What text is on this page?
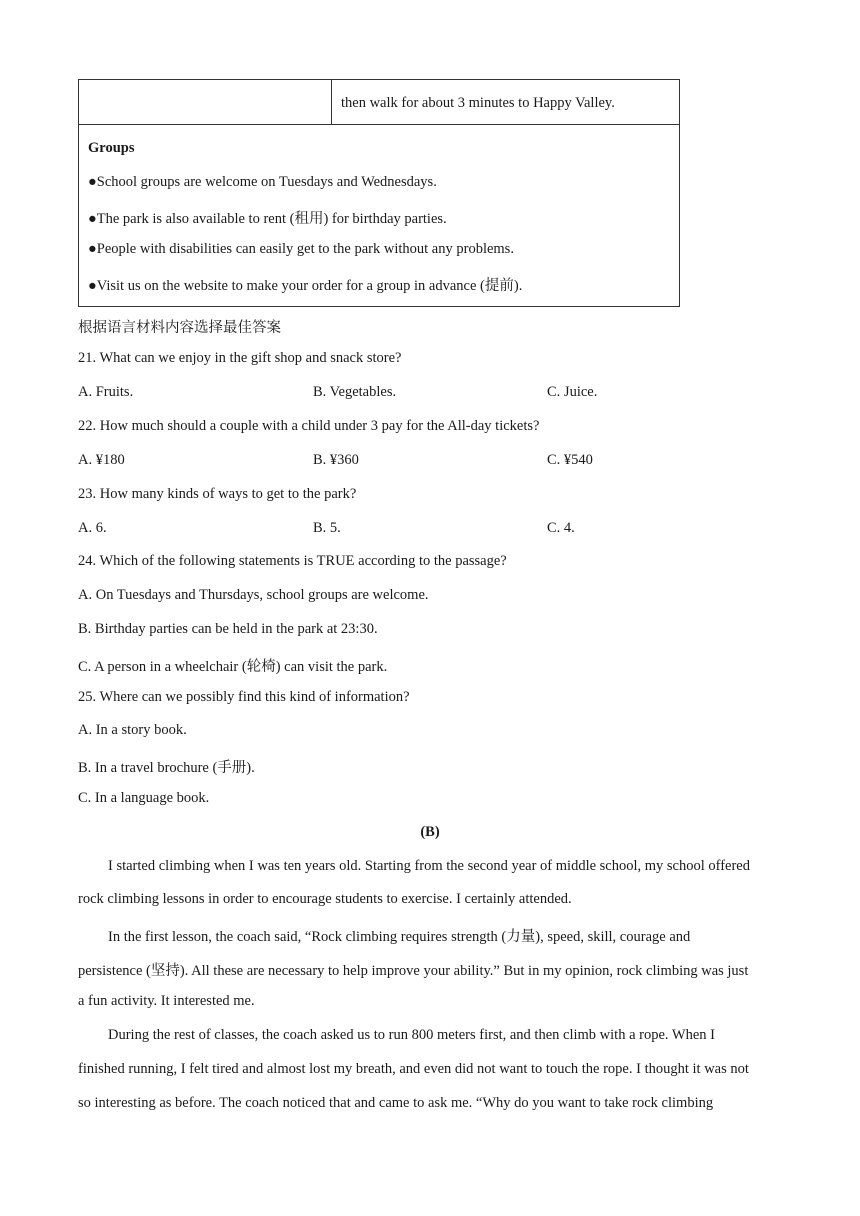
then walk for about 3 minutes to Happy Valley.
Groups
●School groups are welcome on Tuesdays and Wednesdays.
●The park is also available to rent (租用) for birthday parties.
●People with disabilities can easily get to the park without any problems.
●Visit us on the website to make your order for a group in advance (提前).
根据语言材料内容选择最佳答案
21. What can we enjoy in the gift shop and snack store?
A. Fruits.	B. Vegetables.	C. Juice.
22. How much should a couple with a child under 3 pay for the All-day tickets?
A. ¥180	B. ¥360	C. ¥540
23. How many kinds of ways to get to the park?
A. 6.	B. 5.	C. 4.
24. Which of the following statements is TRUE according to the passage?
A. On Tuesdays and Thursdays, school groups are welcome.
B. Birthday parties can be held in the park at 23:30.
C. A person in a wheelchair (轮椅) can visit the park.
25. Where can we possibly find this kind of information?
A. In a story book.
B. In a travel brochure (手册).
C. In a language book.
(B)
I started climbing when I was ten years old. Starting from the second year of middle school, my school offered
rock climbing lessons in order to encourage students to exercise. I certainly attended.
In the first lesson, the coach said, “Rock climbing requires strength (力量), speed, skill, courage and
persistence (坚持). All these are necessary to help improve your ability.” But in my opinion, rock climbing was just
a fun activity. It interested me.
During the rest of classes, the coach asked us to run 800 meters first, and then climb with a rope. When I
finished running, I felt tired and almost lost my breath, and even did not want to touch the rope. I thought it was not
so interesting as before. The coach noticed that and came to ask me. “Why do you want to take rock climbing
